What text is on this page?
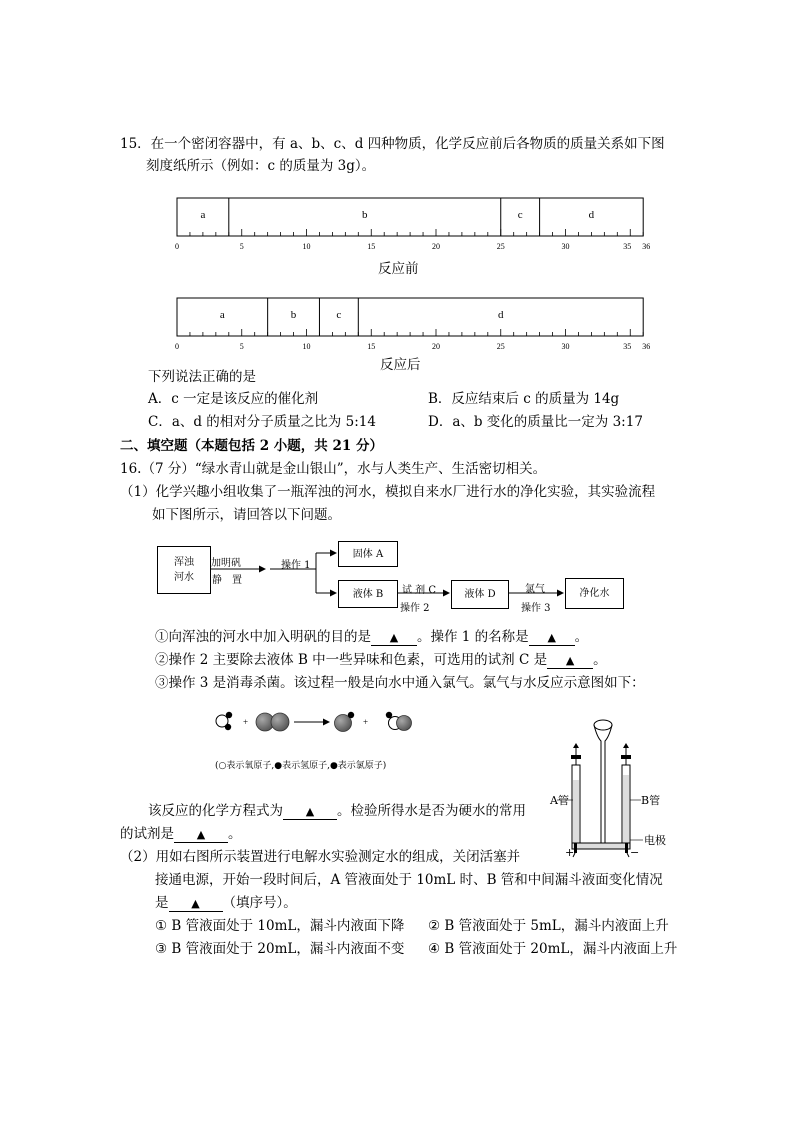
15．在一个密闭容器中，有 a、b、c、d 四种物质，化学反应前后各物质的质量关系如下图
刻度纸所示（例如：c 的质量为 3g）。
a	b	c	d
0	5	10	15	20	25	30	35 36
反应前
a	b	c	d
0	5	10	15	20	25	30	35 36
反应后
下列说法正确的是
A．c 一定是该反应的催化剂	B．反应结束后 c 的质量为 14g
C．a、d 的相对分子质量之比为 5:14	D．a、b 变化的质量比一定为 3:17
二、填空题（本题包括 2 小题，共 21 分）
16.（7 分）“绿水青山就是金山银山”，水与人类生产、生活密切相关。
（1）化学兴趣小组收集了一瓶浑浊的河水，模拟自来水厂进行水的净化实验，其实验流程
如下图所示，请回答以下问题。
浑浊
河水
加明矾
静　置
操作 1
固体 A
液体 B	试 剂 C
操作 2
液体 D	氯气
操作 3
净化水
①向浑浊的河水中加入明矾的目的是 ▲ 。操作 1 的名称是 ▲ 。
②操作 2 主要除去液体 B 中一些异味和色素，可选用的试剂 C 是 ▲ 。
③操作 3 是消毒杀菌。该过程一般是向水中通入氯气。氯气与水反应示意图如下：
+	+
(○表示氧原子,●表示氢原子,●表示氯原子)
该反应的化学方程式为 ▲ 。检验所得水是否为硬水的常用
的试剂是 ▲ 。
（2）用如右图所示装置进行电解水实验测定水的组成，关闭活塞并
接通电源，开始一段时间后，A 管液面处于 10mL 时、B 管和中间漏斗液面变化情况
是 ▲ （填序号）。
① B 管液面处于 10mL，漏斗内液面下降 ② B 管液面处于 5mL，漏斗内液面上升
③ B 管液面处于 20mL，漏斗内液面不变 ④ B 管液面处于 20mL，漏斗内液面上升
A管	B管
电极
+	−
